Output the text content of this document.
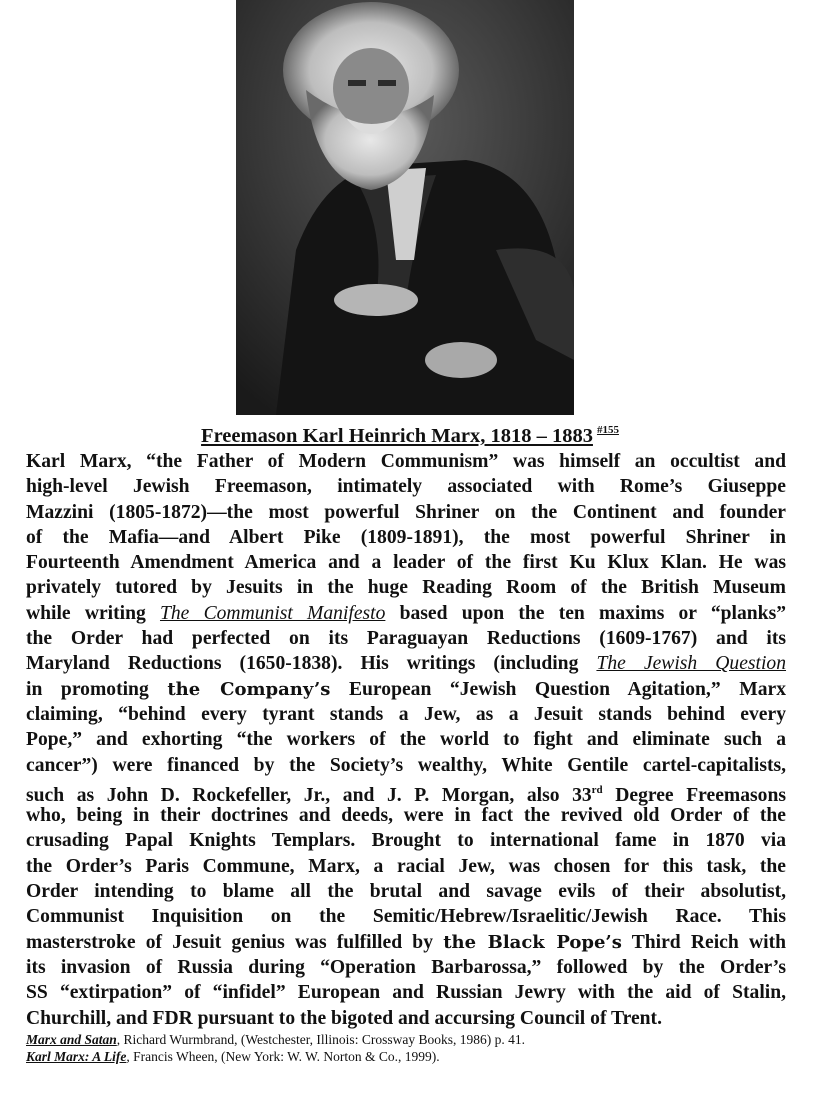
Freemason Karl Heinrich Marx, 1818 – 1883 $^{\#155}$
Karl Marx, “the Father of Modern Communism” was himself an occultist and
high-level Jewish Freemason, intimately associated with Rome’s Giuseppe
Mazzini (1805-1872)—the most powerful Shriner on the Continent and founder
of the Mafia—and Albert Pike (1809-1891), the most powerful Shriner in
Fourteenth Amendment America and a leader of the first Ku Klux Klan. He was
privately tutored by Jesuits in the huge Reading Room of the British Museum
while writing The Communist Manifesto based upon the ten maxims or “planks”
the Order had perfected on its Paraguayan Reductions (1609-1767) and its
Maryland Reductions (1650-1838). His writings (including The Jewish Question
in promoting the Company’s European “Jewish Question Agitation,” Marx
claiming, “behind every tyrant stands a Jew, as a Jesuit stands behind every
Pope,” and exhorting “the workers of the world to fight and eliminate such a
cancer”) were financed by the Society’s wealthy, White Gentile cartel-capitalists,
such as John D. Rockefeller, Jr., and J. P. Morgan, also 33rd Degree Freemasons
who, being in their doctrines and deeds, were in fact the revived old Order of the
crusading Papal Knights Templars. Brought to international fame in 1870 via
the Order’s Paris Commune, Marx, a racial Jew, was chosen for this task, the
Order intending to blame all the brutal and savage evils of their absolutist,
Communist Inquisition on the Semitic/Hebrew/Israelitic/Jewish Race. This
masterstroke of Jesuit genius was fulfilled by the Black Pope’s Third Reich with
its invasion of Russia during “Operation Barbarossa,” followed by the Order’s
SS “extirpation” of “infidel” European and Russian Jewry with the aid of Stalin,
Churchill, and FDR pursuant to the bigoted and accursing Council of Trent.
Marx and Satan, Richard Wurmbrand, (Westchester, Illinois: Crossway Books, 1986) p. 41.
Karl Marx: A Life, Francis Wheen, (New York: W. W. Norton & Co., 1999).
